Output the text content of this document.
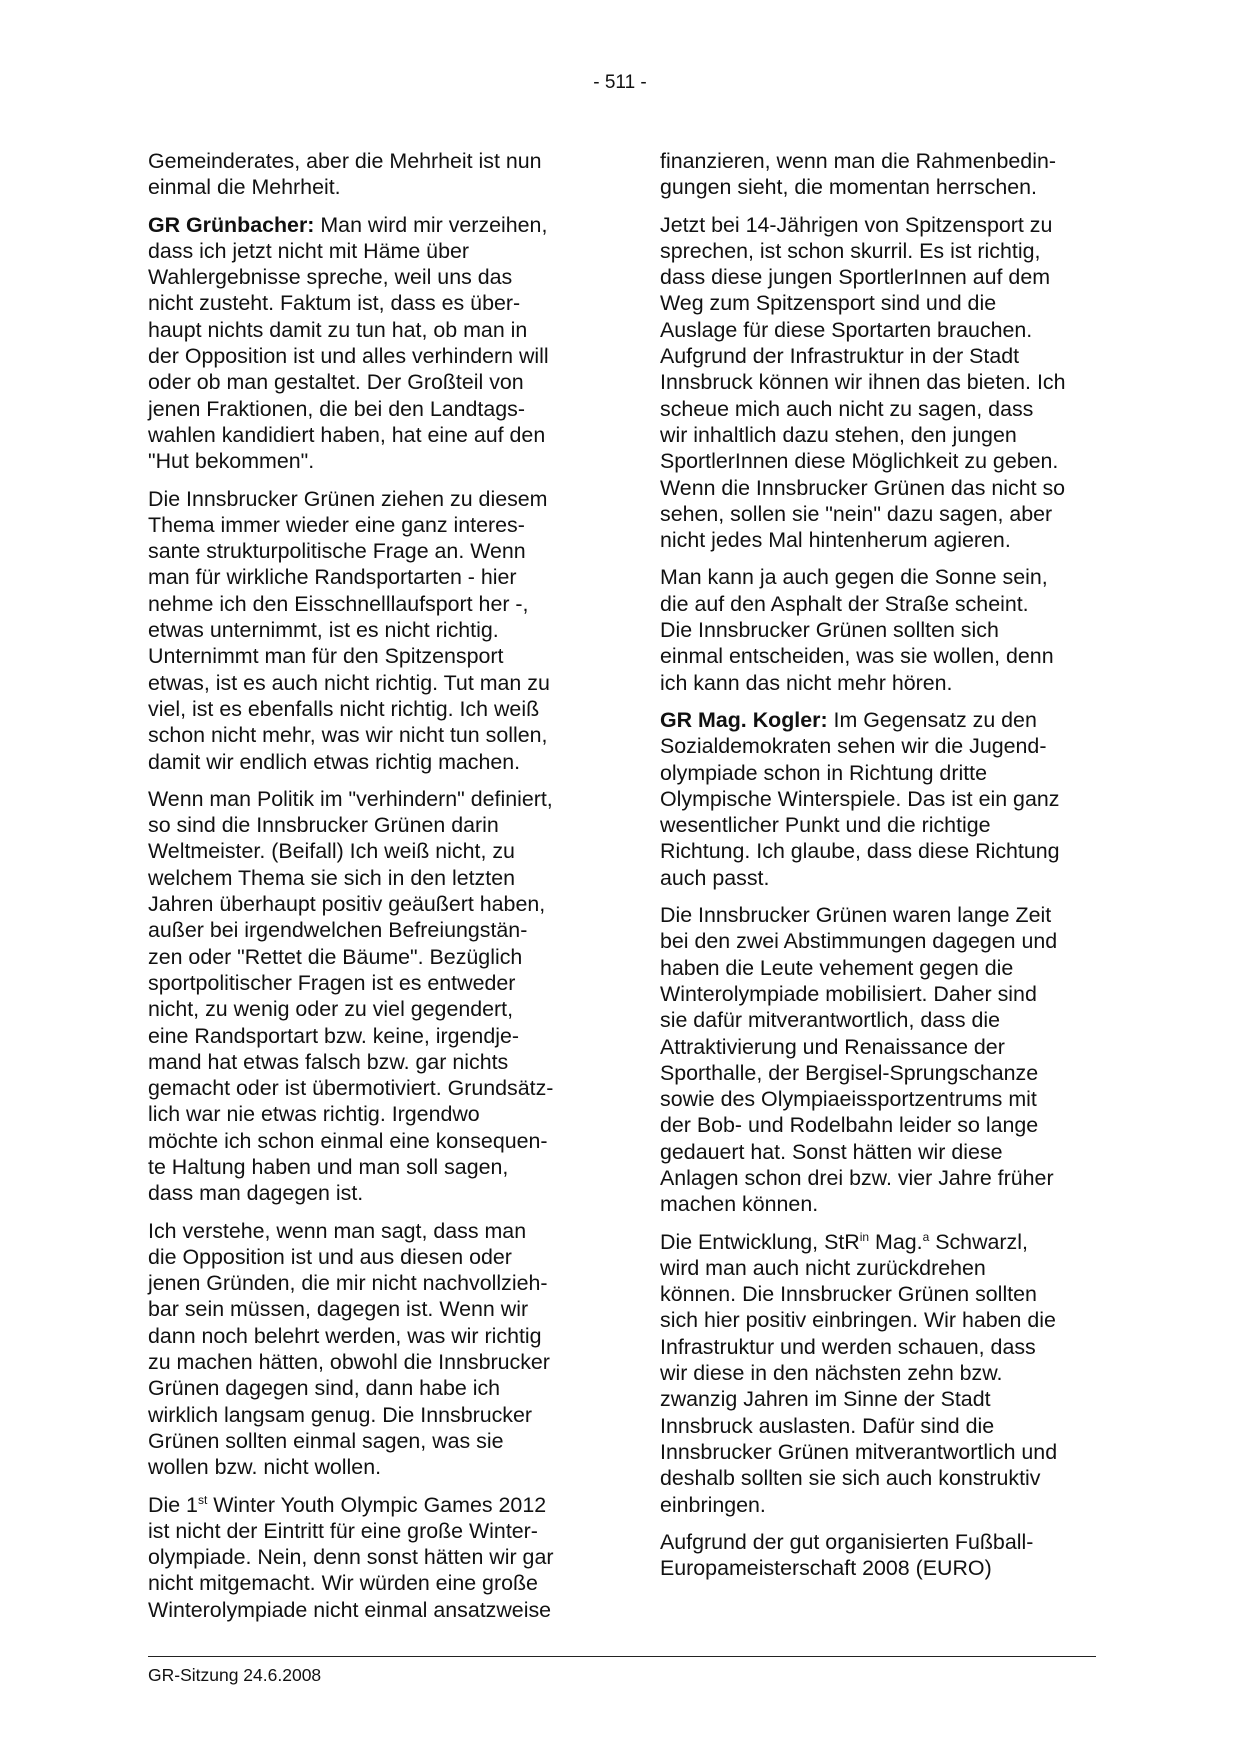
- 511 -

Gemeinderates, aber die Mehrheit ist nun
einmal die Mehrheit.

GR Grünbacher: Man wird mir verzeihen,
dass ich jetzt nicht mit Häme über
Wahlergebnisse spreche, weil uns das
nicht zusteht. Faktum ist, dass es über-
haupt nichts damit zu tun hat, ob man in
der Opposition ist und alles verhindern will
oder ob man gestaltet. Der Großteil von
jenen Fraktionen, die bei den Landtags-
wahlen kandidiert haben, hat eine auf den
"Hut bekommen".

Die Innsbrucker Grünen ziehen zu diesem
Thema immer wieder eine ganz interes-
sante strukturpolitische Frage an. Wenn
man für wirkliche Randsportarten - hier
nehme ich den Eisschnelllaufsport her -,
etwas unternimmt, ist es nicht richtig.
Unternimmt man für den Spitzensport
etwas, ist es auch nicht richtig. Tut man zu
viel, ist es ebenfalls nicht richtig. Ich weiß
schon nicht mehr, was wir nicht tun sollen,
damit wir endlich etwas richtig machen.

Wenn man Politik im "verhindern" definiert,
so sind die Innsbrucker Grünen darin
Weltmeister. (Beifall) Ich weiß nicht, zu
welchem Thema sie sich in den letzten
Jahren überhaupt positiv geäußert haben,
außer bei irgendwelchen Befreiungstän-
zen oder "Rettet die Bäume". Bezüglich
sportpolitischer Fragen ist es entweder
nicht, zu wenig oder zu viel gegendert,
eine Randsportart bzw. keine, irgendje-
mand hat etwas falsch bzw. gar nichts
gemacht oder ist übermotiviert. Grundsätz-
lich war nie etwas richtig. Irgendwo
möchte ich schon einmal eine konsequen-
te Haltung haben und man soll sagen,
dass man dagegen ist.

Ich verstehe, wenn man sagt, dass man
die Opposition ist und aus diesen oder
jenen Gründen, die mir nicht nachvollzieh-
bar sein müssen, dagegen ist. Wenn wir
dann noch belehrt werden, was wir richtig
zu machen hätten, obwohl die Innsbrucker
Grünen dagegen sind, dann habe ich
wirklich langsam genug. Die Innsbrucker
Grünen sollten einmal sagen, was sie
wollen bzw. nicht wollen.

Die 1st Winter Youth Olympic Games 2012
ist nicht der Eintritt für eine große Winter-
olympiade. Nein, denn sonst hätten wir gar
nicht mitgemacht. Wir würden eine große
Winterolympiade nicht einmal ansatzweise

finanzieren, wenn man die Rahmenbedin-
gungen sieht, die momentan herrschen.

Jetzt bei 14-Jährigen von Spitzensport zu
sprechen, ist schon skurril. Es ist richtig,
dass diese jungen SportlerInnen auf dem
Weg zum Spitzensport sind und die
Auslage für diese Sportarten brauchen.
Aufgrund der Infrastruktur in der Stadt
Innsbruck können wir ihnen das bieten. Ich
scheue mich auch nicht zu sagen, dass
wir inhaltlich dazu stehen, den jungen
SportlerInnen diese Möglichkeit zu geben.
Wenn die Innsbrucker Grünen das nicht so
sehen, sollen sie "nein" dazu sagen, aber
nicht jedes Mal hintenherum agieren.

Man kann ja auch gegen die Sonne sein,
die auf den Asphalt der Straße scheint.
Die Innsbrucker Grünen sollten sich
einmal entscheiden, was sie wollen, denn
ich kann das nicht mehr hören.

GR Mag. Kogler: Im Gegensatz zu den
Sozialdemokraten sehen wir die Jugend-
olympiade schon in Richtung dritte
Olympische Winterspiele. Das ist ein ganz
wesentlicher Punkt und die richtige
Richtung. Ich glaube, dass diese Richtung
auch passt.

Die Innsbrucker Grünen waren lange Zeit
bei den zwei Abstimmungen dagegen und
haben die Leute vehement gegen die
Winterolympiade mobilisiert. Daher sind
sie dafür mitverantwortlich, dass die
Attraktivierung und Renaissance der
Sporthalle, der Bergisel-Sprungschanze
sowie des Olympiaeissportzentrums mit
der Bob- und Rodelbahn leider so lange
gedauert hat. Sonst hätten wir diese
Anlagen schon drei bzw. vier Jahre früher
machen können.

Die Entwicklung, StR$^{in}$ Mag.$^a$ Schwarzl,
wird man auch nicht zurückdrehen
können. Die Innsbrucker Grünen sollten
sich hier positiv einbringen. Wir haben die
Infrastruktur und werden schauen, dass
wir diese in den nächsten zehn bzw.
zwanzig Jahren im Sinne der Stadt
Innsbruck auslasten. Dafür sind die
Innsbrucker Grünen mitverantwortlich und
deshalb sollten sie sich auch konstruktiv
einbringen.

Aufgrund der gut organisierten Fußball-
Europameisterschaft 2008 (EURO)

GR-Sitzung 24.6.2008
